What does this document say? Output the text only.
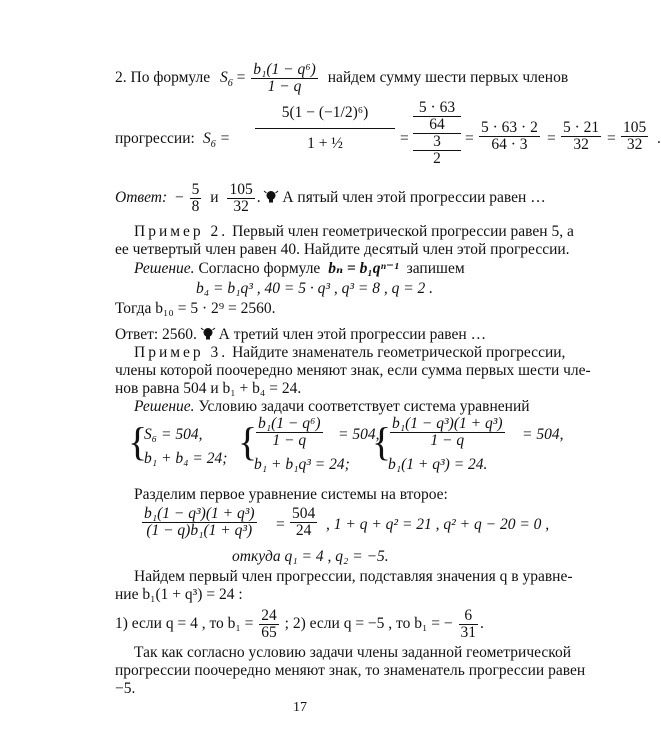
2. По формуле $S_6 = \frac{\text{b₁(1 − q⁶)}}{1 - q}$ найдем сумму шести первых членов
прогрессии: $S_6$ =
5(1 − (−1/2)⁶)
1 + ½	=
5 · 63
64
3
2
= $\frac{5 \cdot 63 \cdot 2}{64 \cdot 3} = \frac{5 \cdot 21}{32} = \frac{105}{32}$ .
Ответ: − $\frac{5}{8}$ и $\frac{105}{32}$ .  А пятый член этой прогрессии равен …
Пример 2. Первый член геометрической прогрессии равен 5, а
ее четвертый член равен 40. Найдите десятый член этой прогрессии.
Решение. Согласно формуле bₙ = b₁qⁿ⁻¹ запишем
b₄ = b₁q³ , 40 = 5 · q³ , q³ = 8 , q = 2 .
Тогда b₁₀ = 5 · 2⁹ = 2560.
Ответ: 2560. А третий член этой прогрессии равен …
Пример 3. Найдите знаменатель геометрической прогрессии,
члены которой поочередно меняют знак, если сумма первых шести чле-
нов равна 504 и b₁ + b₄ = 24.
Решение. Условию задачи соответствует система уравнений
{
S₆ = 504,
b₁ + b₄ = 24; {
$\frac{\text{b₁(1 − q⁶)}}{1 - q} = 504$,
b₁ + b₁q³ = 24;
{
$\frac{\text{b₁(1 − q³)(1 + q³)}}{1 - q} = 504$,
b₁(1 + q³) = 24.
Разделим первое уравнение системы на второе:
$\frac{\text{b₁(1 − q³)(1 + q³)}}{\text{(1 − q)b₁(1 + q³)}} = \frac{504}{24}$ , 1 + q + q² = 21 , q² + q − 20 = 0 ,
откуда q₁ = 4 , q₂ = −5.
Найдем первый член прогрессии, подставляя значения q в уравне-
ние b₁(1 + q³) = 24 :
1) если q = 4 , то $b_1 = \frac{24}{65}$ ; 2) если q = −5 , то b₁ = − $\frac{6}{31}$ .
Так как согласно условию задачи члены заданной геометрической
прогрессии поочередно меняют знак, то знаменатель прогрессии равен
−5.
17
